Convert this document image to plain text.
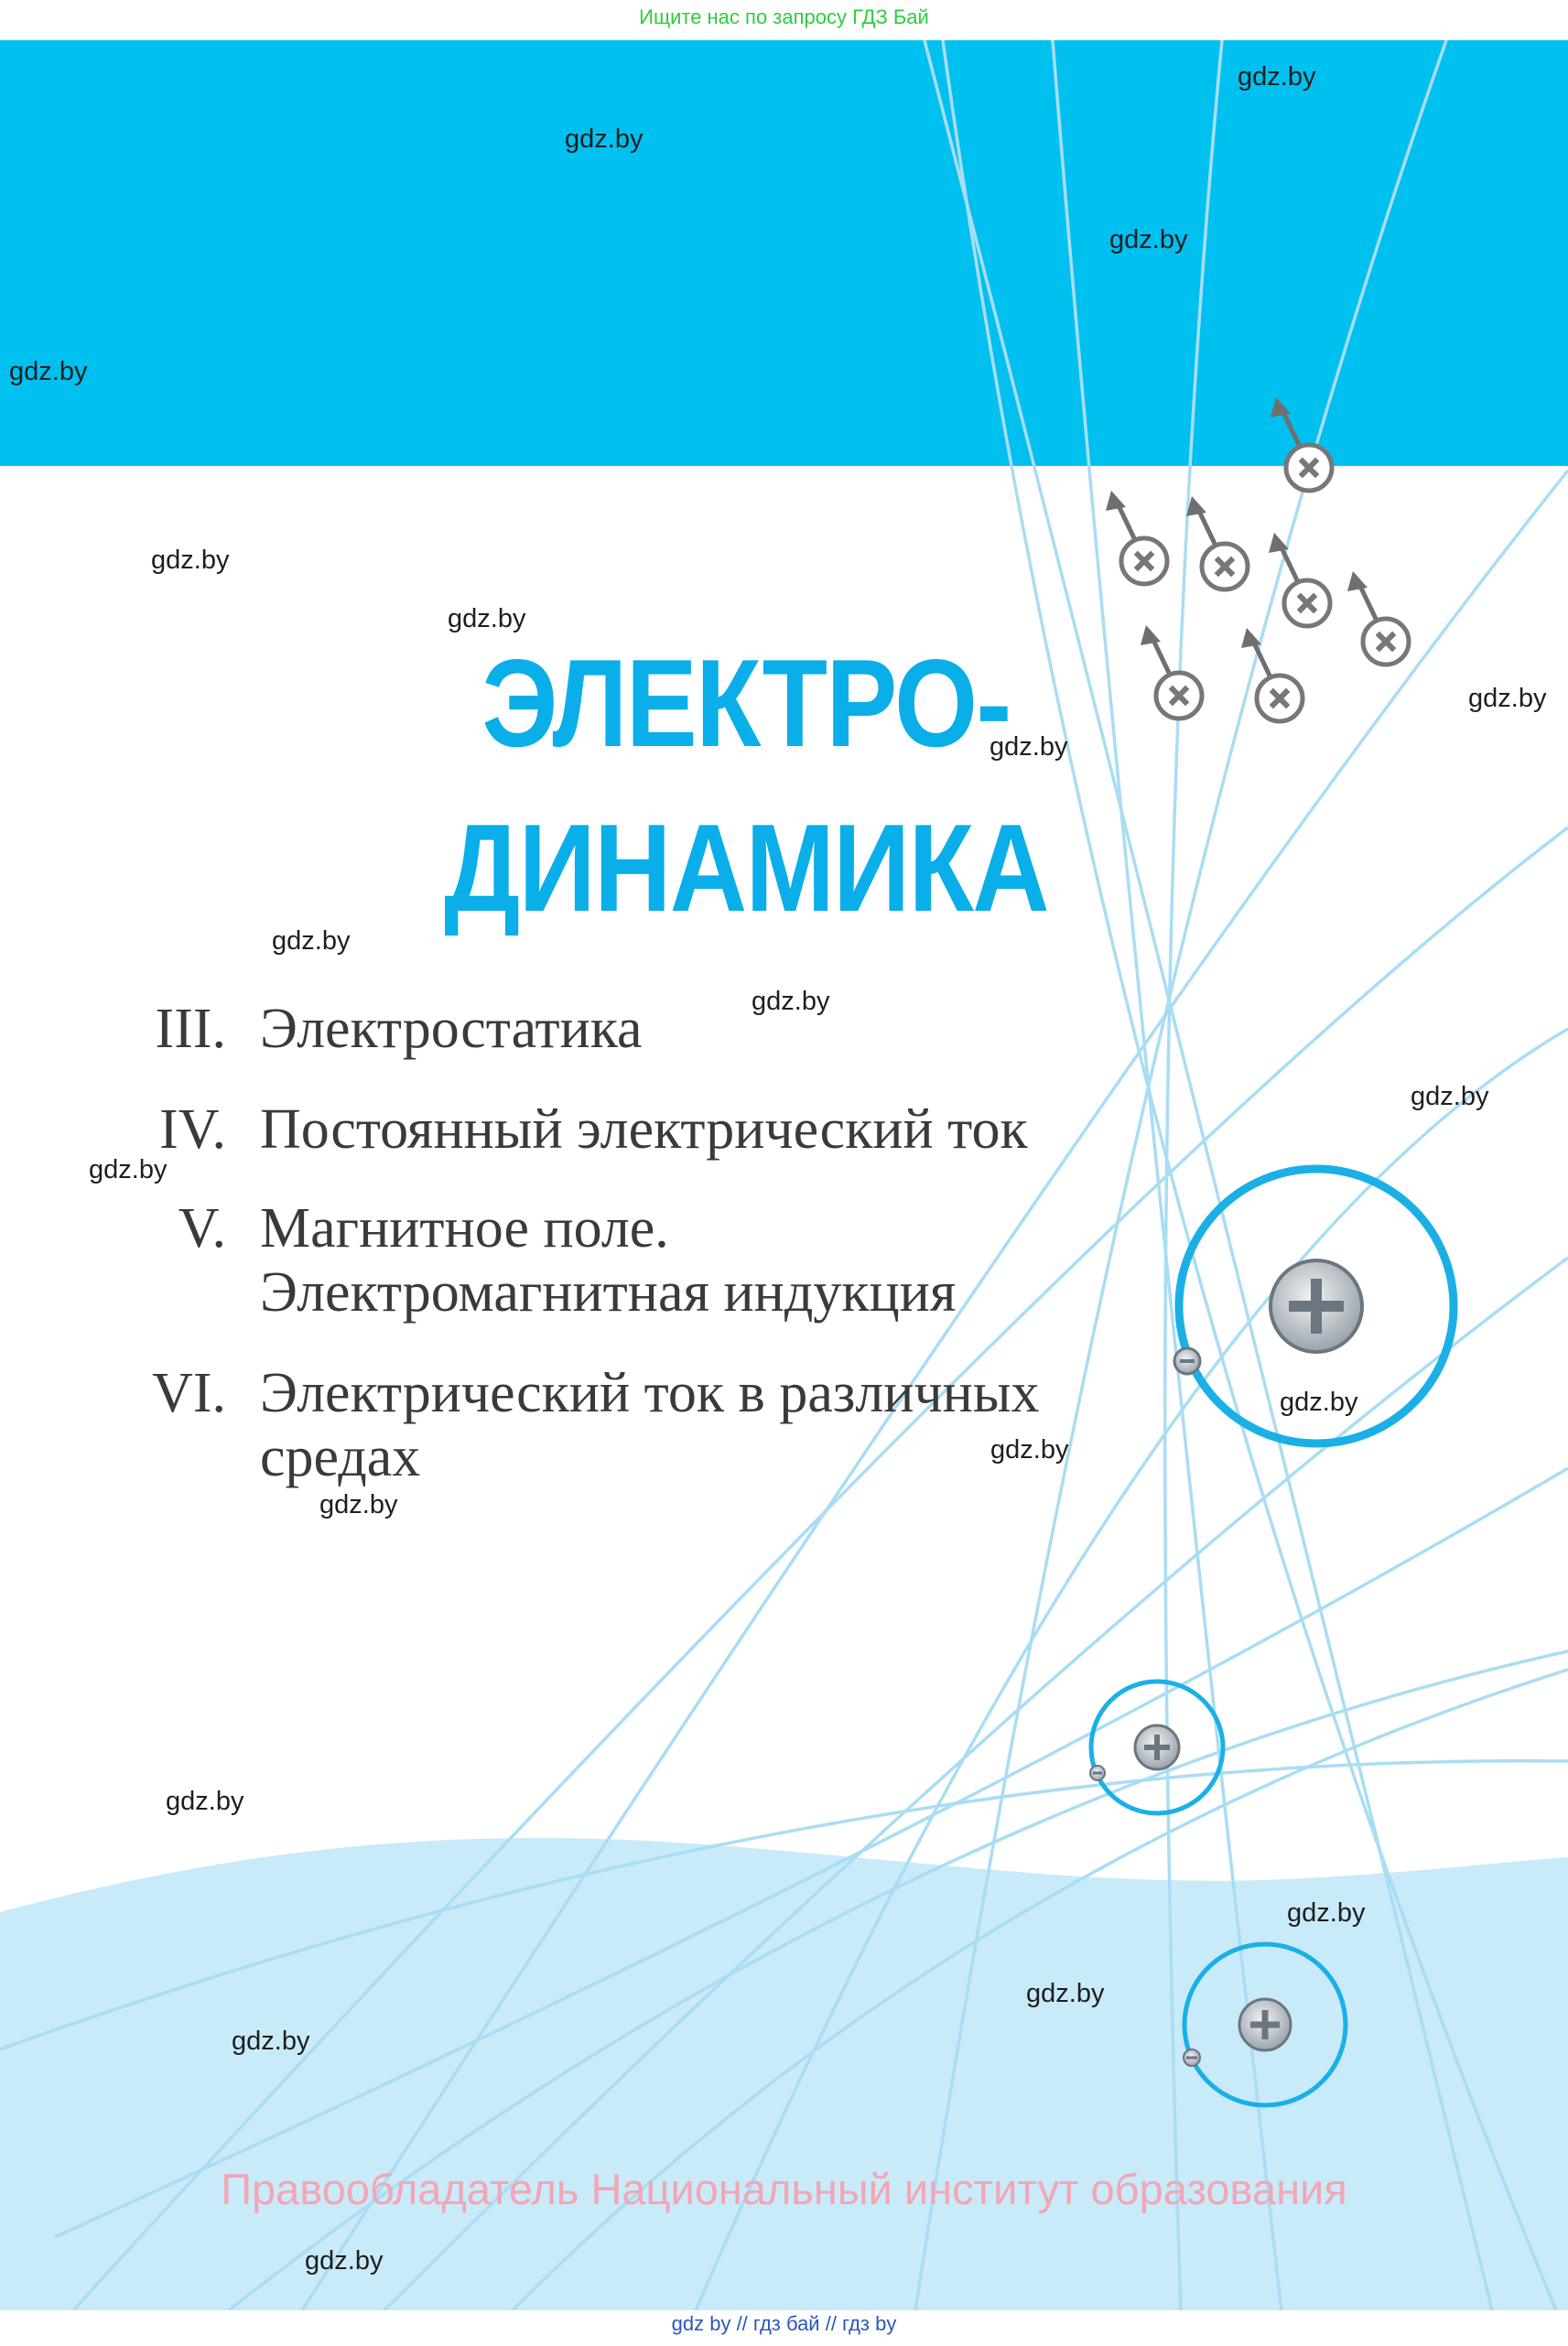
Ищите нас по запросу ГДЗ Бай
ЭЛЕКТРО-
ДИНАМИКА
III. Электростатика
IV. Постоянный электрический ток
V. Магнитное поле.
Электромагнитная индукция
VI. Электрический ток в различных
средах
gdz.by
gdz.by
gdz.by
gdz.by
gdz.by
gdz.by
gdz.by
gdz.by
gdz.by
gdz.by
gdz.by
gdz.by
gdz.by
gdz.by
gdz.by
gdz.by
gdz.by
gdz.by
gdz.by
gdz.by
Правообладатель Национальный институт образования
gdz by // гдз бай // гдз by
